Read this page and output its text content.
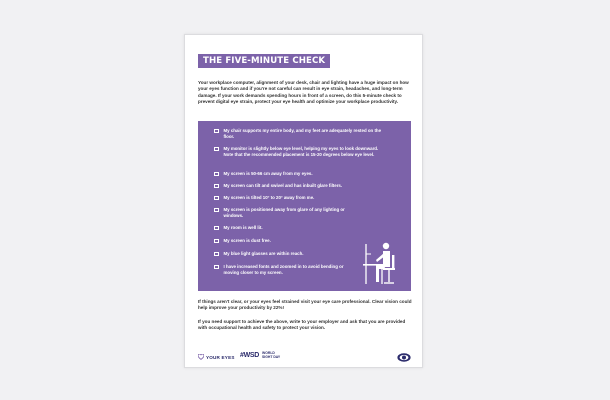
THE FIVE-MINUTE CHECK

Your workplace computer, alignment of your desk, chair and lighting have a huge impact on how your eyes function and if you're not careful can result in eye strain, headaches, and long-term damage. If your work demands spending hours in front of a screen, do this 5-minute check to prevent digital eye strain, protect your eye health and optimize your workplace productivity.

My chair supports my entire body, and my feet are adequately rested on the floor.
My monitor is slightly below eye level, helping my eyes to look downward. Note that the recommended placement is 15-20 degrees below eye level.
My screen is 50-66 cm away from my eyes.
My screen can tilt and swivel and has inbuilt glare filters.
My screen is tilted 10° to 20° away from me.
My screen is positioned away from glare of any lighting or windows.
My room is well lit.
My screen is dust free.
My blue light glasses are within reach.
I have increased fonts and zoomed in to avoid bending or moving closer to my screen.

If things aren't clear, or your eyes feel strained visit your eye care professional. Clear vision could help improve your productivity by 22%!

If you need support to achieve the above, write to your employer and ask that you are provided with occupational health and safety to protect your vision.

YOUR EYES #WSD WORLD SIGHT DAY
